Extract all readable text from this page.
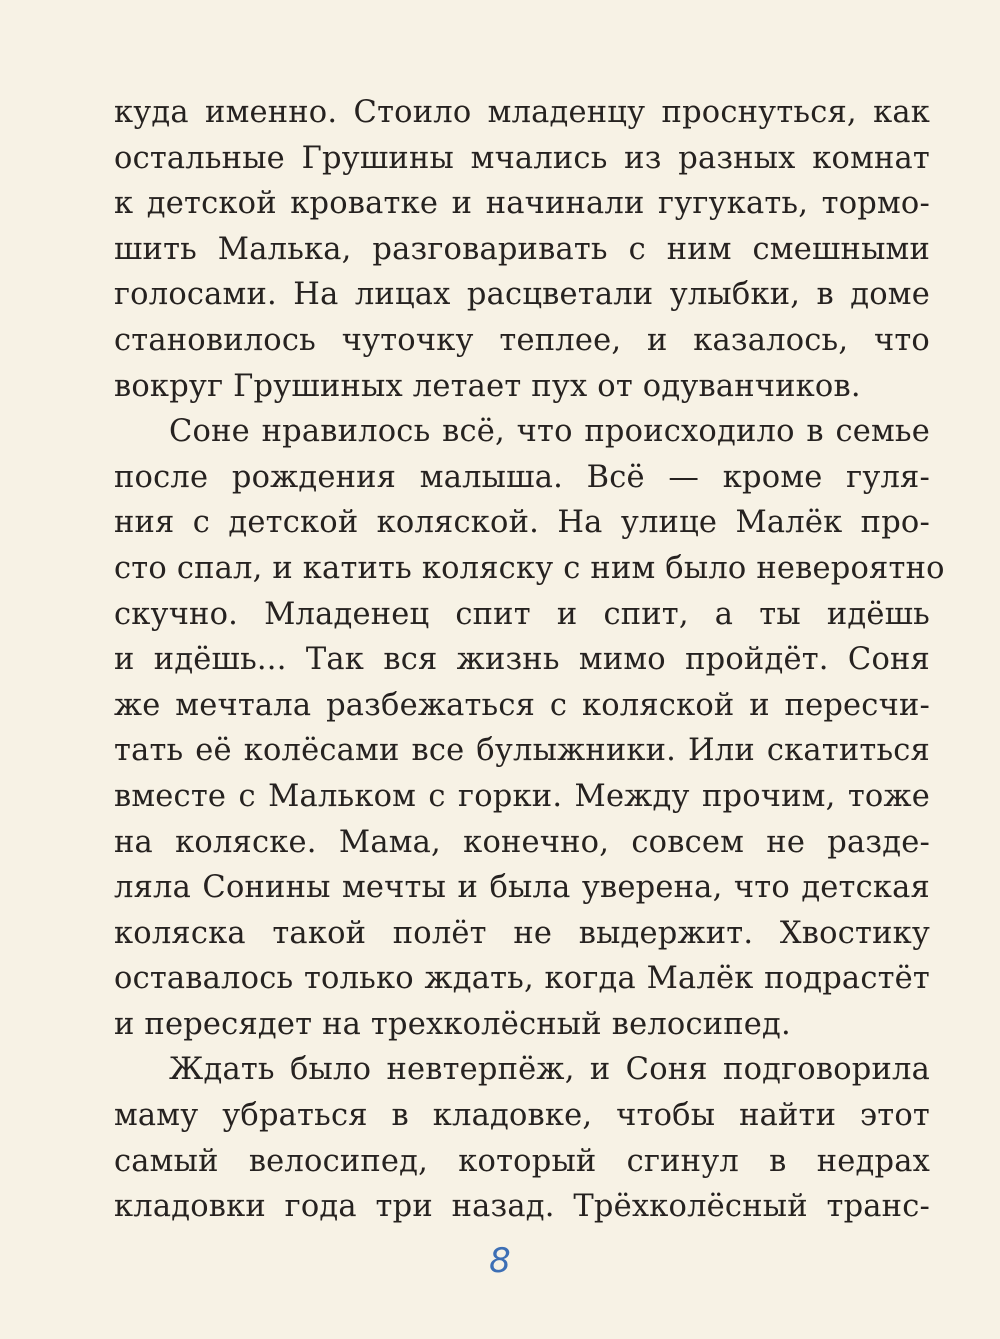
куда именно. Стоило младенцу проснуться, как
остальные Грушины мчались из разных комнат
к детской кроватке и начинали гугукать, тормо-
шить Малька, разговаривать с ним смешными
голосами. На лицах расцветали улыбки, в доме
становилось чуточку теплее, и казалось, что
вокруг Грушиных летает пух от одуванчиков.
Соне нравилось всё, что происходило в семье
после рождения малыша. Всё — кроме гуля-
ния с детской коляской. На улице Малёк про-
сто спал, и катить коляску с ним было невероятно
скучно. Младенец спит и спит, а ты идёшь
и идёшь... Так вся жизнь мимо пройдёт. Соня
же мечтала разбежаться с коляской и пересчи-
тать её колёсами все булыжники. Или скатиться
вместе с Мальком с горки. Между прочим, тоже
на коляске. Мама, конечно, совсем не разде-
ляла Сонины мечты и была уверена, что детская
коляска такой полёт не выдержит. Хвостику
оставалось только ждать, когда Малёк подрастёт
и пересядет на трехколёсный велосипед.
Ждать было невтерпёж, и Соня подговорила
маму убраться в кладовке, чтобы найти этот
самый велосипед, который сгинул в недрах
кладовки года три назад. Трёхколёсный транс-
8
